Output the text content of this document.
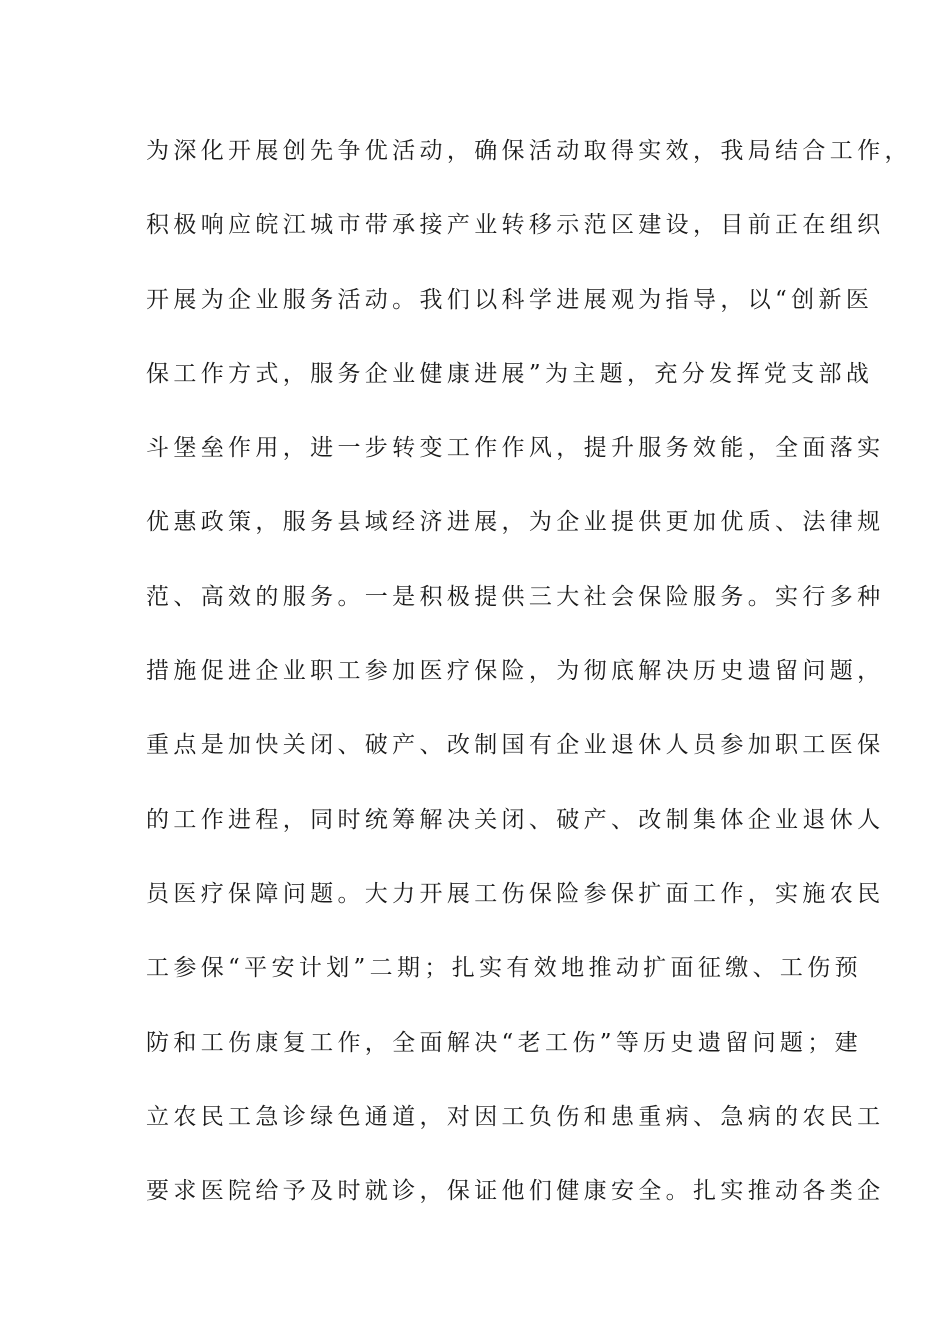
为深化开展创先争优活动，确保活动取得实效，我局结合工作，
积极响应皖江城市带承接产业转移示范区建设，目前正在组织
开展为企业服务活动。我们以科学进展观为指导，以“创新医
保工作方式，服务企业健康进展”为主题，充分发挥党支部战
斗堡垒作用，进一步转变工作作风，提升服务效能，全面落实
优惠政策，服务县域经济进展，为企业提供更加优质、法律规
范、高效的服务。一是积极提供三大社会保险服务。实行多种
措施促进企业职工参加医疗保险，为彻底解决历史遗留问题，
重点是加快关闭、破产、改制国有企业退休人员参加职工医保
的工作进程，同时统筹解决关闭、破产、改制集体企业退休人
员医疗保障问题。大力开展工伤保险参保扩面工作，实施农民
工参保“平安计划”二期；扎实有效地推动扩面征缴、工伤预
防和工伤康复工作，全面解决“老工伤”等历史遗留问题；建
立农民工急诊绿色通道，对因工负伤和患重病、急病的农民工
要求医院给予及时就诊，保证他们健康安全。扎实推动各类企
